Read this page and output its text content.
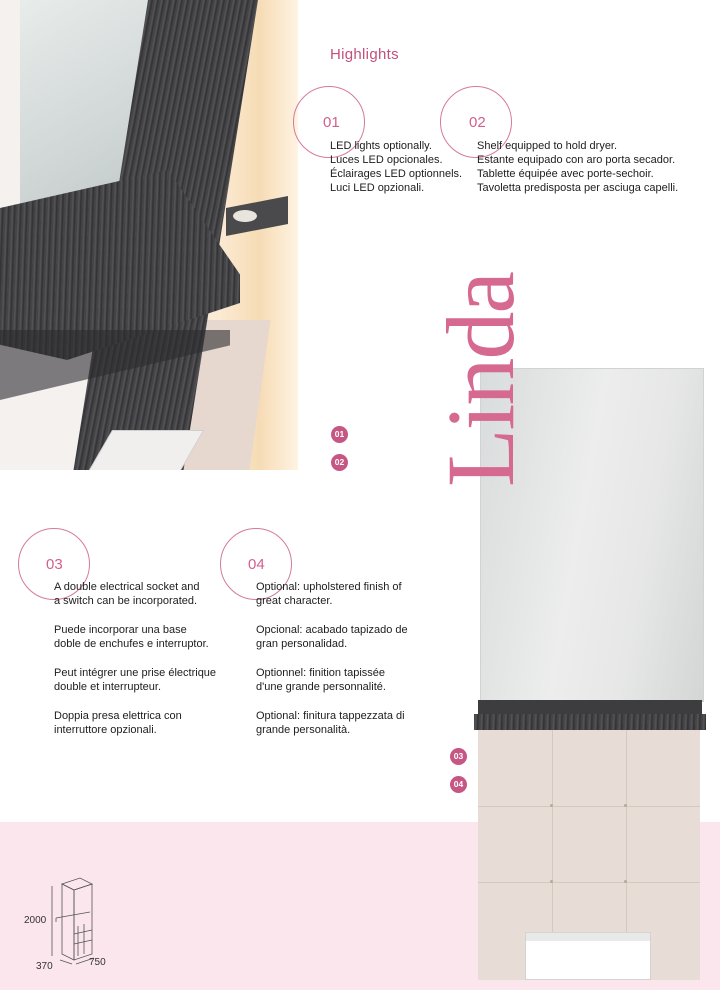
Highlights
01

LED lights optionally.

Luces LED opcionales.

Éclairages LED optionnels.

Luci LED opzionali.

02

Shelf equipped to hold dryer.

Estante equipado con aro porta secador.

Tablette équipée avec porte-sechoir.

Tavoletta predisposta per asciuga capelli.

03

A double electrical socket and

a switch can be incorporated.

Puede incorporar una base

doble de enchufes e interruptor.

Peut intégrer une prise électrique

double et interrupteur.

Doppia presa elettrica con

interruttore opzionali.

04

Optional: upholstered finish of

great character.

Opcional: acabado tapizado de

gran personalidad.

Optionnel: finition tapissée

d'une grande personnalité.

Optional: finitura tappezzata di

grande personalità.

Linda
01
02
03
04
2000
370	750
